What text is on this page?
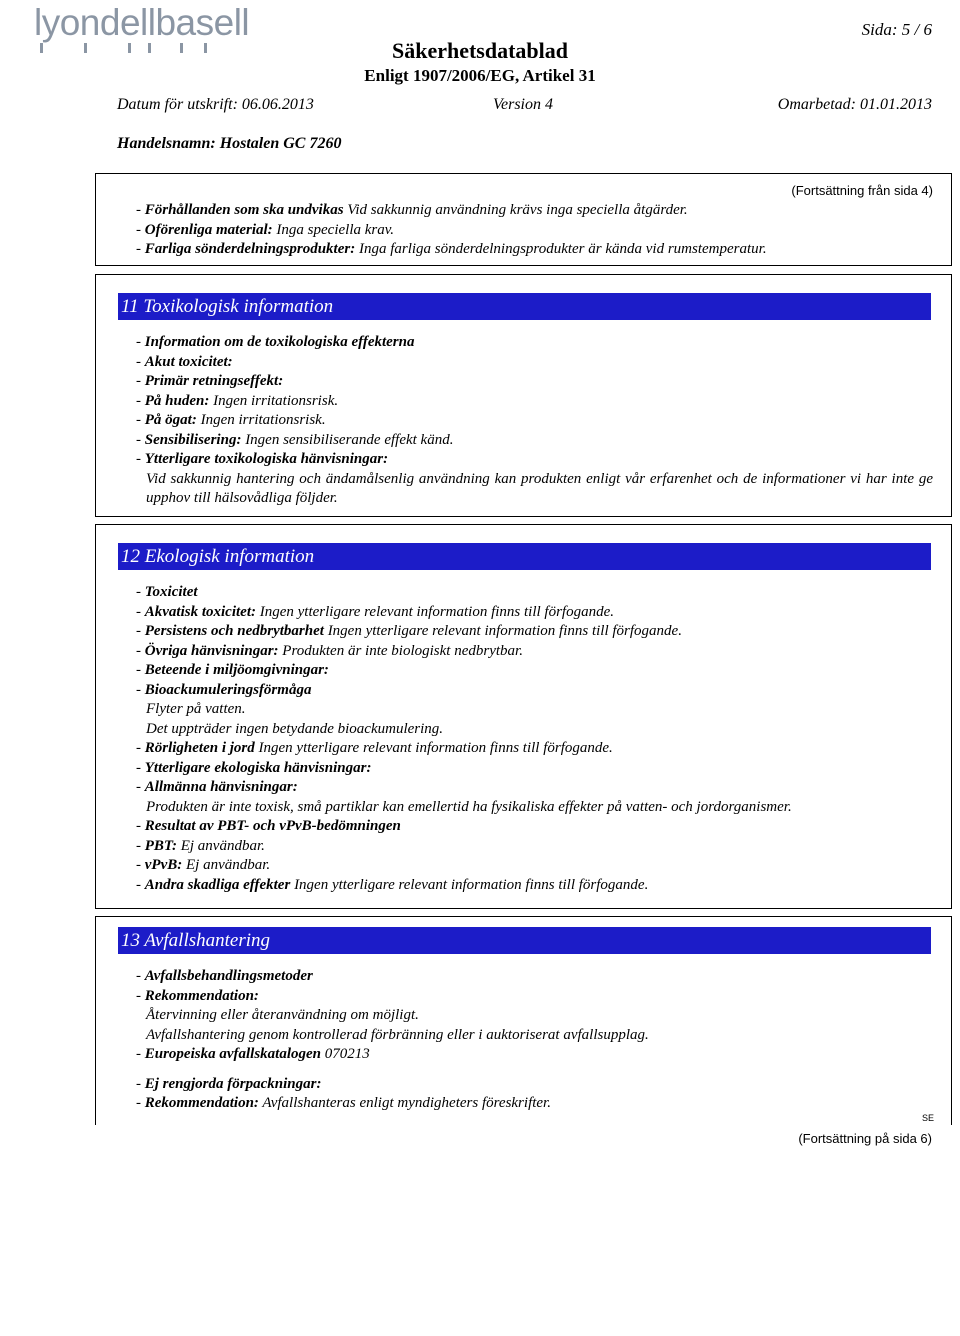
lyondellbasell	Sida: 5 / 6
Säkerhetsdatablad
Enligt 1907/2006/EG, Artikel 31
Datum för utskrift: 06.06.2013	Version 4	Omarbetad: 01.01.2013
Handelsnamn: Hostalen GC 7260
(Fortsättning från sida 4)
- Förhållanden som ska undvikas Vid sakkunnig användning krävs inga speciella åtgärder.
- Oförenliga material: Inga speciella krav.
- Farliga sönderdelningsprodukter: Inga farliga sönderdelningsprodukter är kända vid rumstemperatur.
11 Toxikologisk information
- Information om de toxikologiska effekterna
- Akut toxicitet:
- Primär retningseffekt:
- På huden: Ingen irritationsrisk.
- På ögat: Ingen irritationsrisk.
- Sensibilisering: Ingen sensibiliserande effekt känd.
- Ytterligare toxikologiska hänvisningar:
Vid sakkunnig hantering och ändamålsenlig användning kan produkten enligt vår erfarenhet och de informationer vi har inte ge upphov till hälsovådliga följder.
12 Ekologisk information
- Toxicitet
- Akvatisk toxicitet: Ingen ytterligare relevant information finns till förfogande.
- Persistens och nedbrytbarhet Ingen ytterligare relevant information finns till förfogande.
- Övriga hänvisningar: Produkten är inte biologiskt nedbrytbar.
- Beteende i miljöomgivningar:
- Bioackumuleringsförmåga
Flyter på vatten.
Det uppträder ingen betydande bioackumulering.
- Rörligheten i jord Ingen ytterligare relevant information finns till förfogande.
- Ytterligare ekologiska hänvisningar:
- Allmänna hänvisningar:
Produkten är inte toxisk, små partiklar kan emellertid ha fysikaliska effekter på vatten- och jordorganismer.
- Resultat av PBT- och vPvB-bedömningen
- PBT: Ej användbar.
- vPvB: Ej användbar.
- Andra skadliga effekter Ingen ytterligare relevant information finns till förfogande.
13 Avfallshantering
- Avfallsbehandlingsmetoder
- Rekommendation:
Återvinning eller återanvändning om möjligt.
Avfallshantering genom kontrollerad förbränning eller i auktoriserat avfallsupplag.
- Europeiska avfallskatalogen 070213
- Ej rengjorda förpackningar:
- Rekommendation: Avfallshanteras enligt myndigheters föreskrifter.
SE
(Fortsättning på sida 6)
